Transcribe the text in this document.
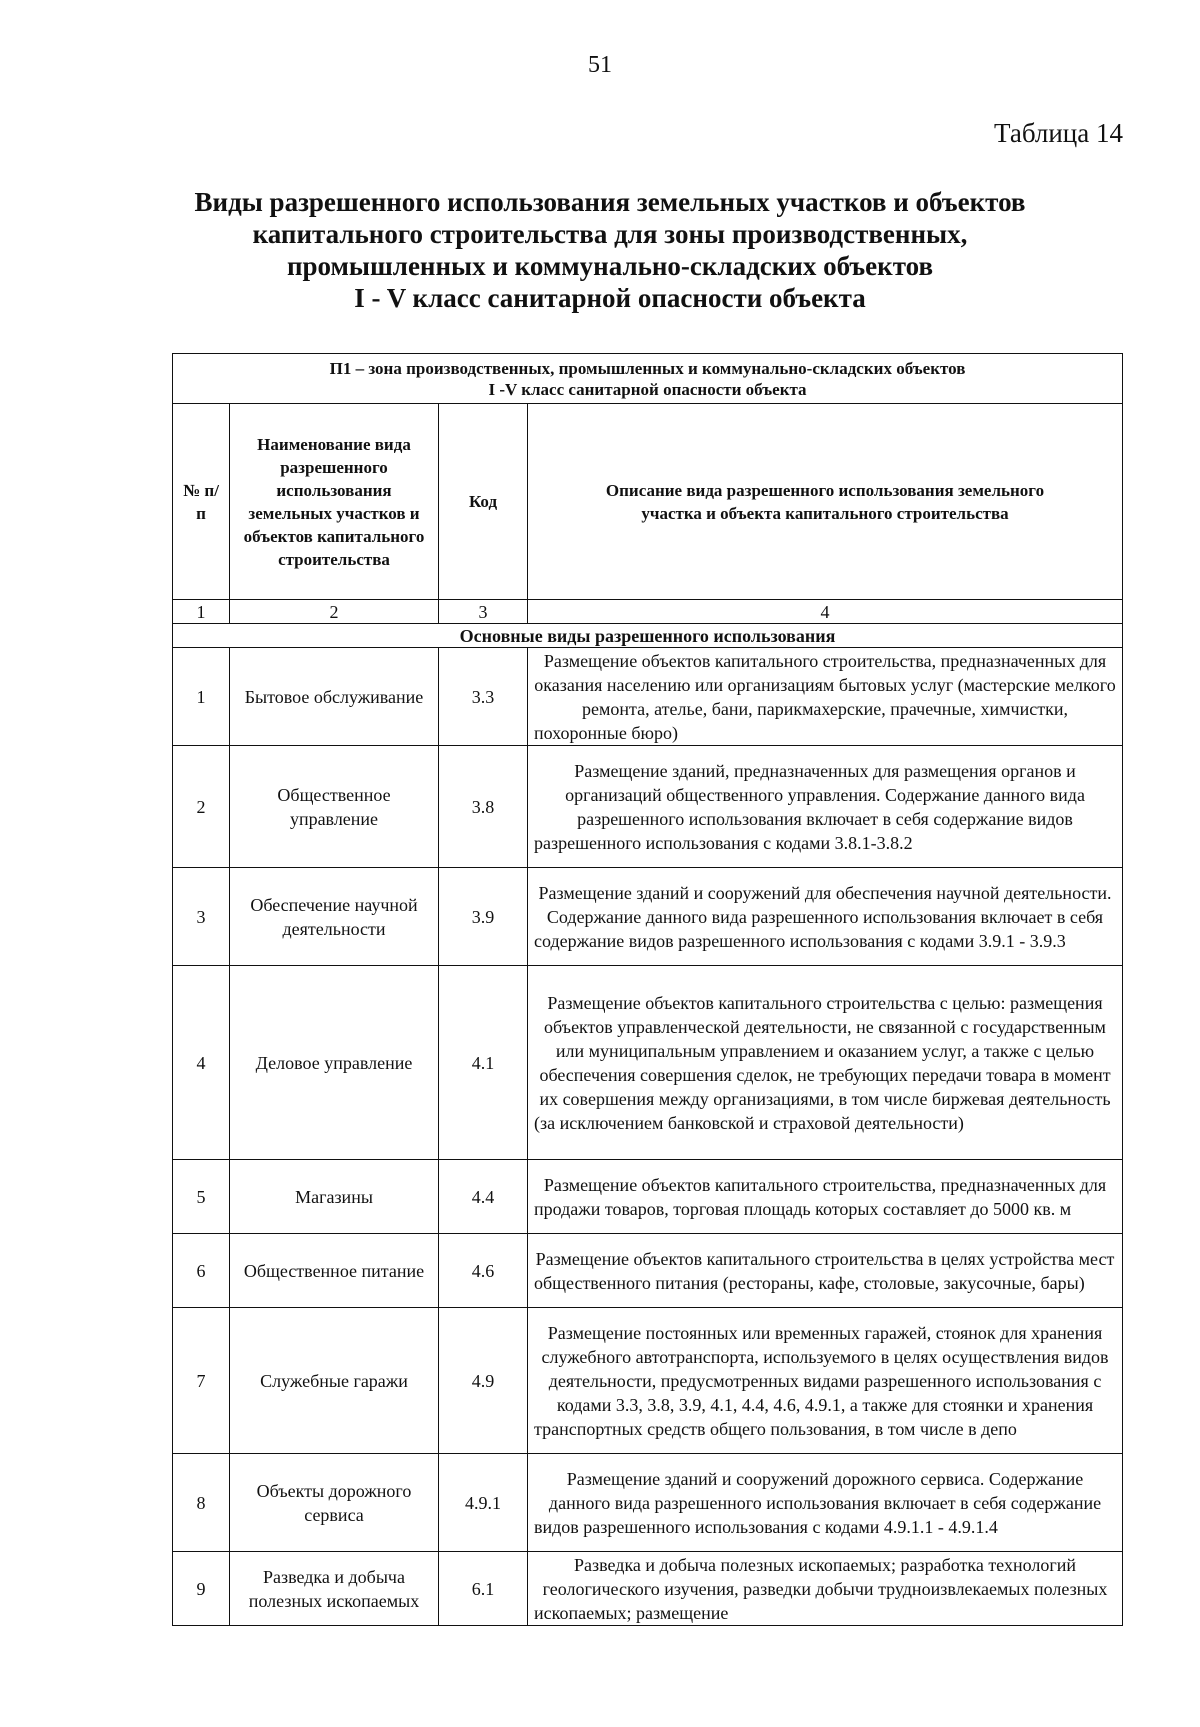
51
Таблица 14
Виды разрешенного использования земельных участков и объектов
капитального строительства для зоны производственных,
промышленных и коммунально-складских объектов
I - V класс санитарной опасности объекта
П1 – зона производственных, промышленных и коммунально-складских объектов
I -V класс санитарной опасности объекта			

№ п/п	Наименование вида разрешенного использования земельных участков и объектов капитального строительства	Код	Описание вида разрешенного использования земельного участка и объекта капитального строительства
1	2	3	4
Основные виды разрешенного использования			
1	Бытовое обслуживание	3.3	Размещение объектов капитального строительства, предназначенных для оказания населению или организациям бытовых услуг (мастерские мелкого ремонта, ателье, бани, парикмахерские, прачечные, химчистки, похоронные бюро)
2	Общественное управление	3.8	Размещение зданий, предназначенных для размещения органов и организаций общественного управления. Содержание данного вида разрешенного использования включает в себя содержание видов разрешенного использования с кодами 3.8.1-3.8.2
3	Обеспечение научной деятельности	3.9	Размещение зданий и сооружений для обеспечения научной деятельности. Содержание данного вида разрешенного использования включает в себя содержание видов разрешенного использования с кодами 3.9.1 - 3.9.3
4	Деловое управление	4.1	Размещение объектов капитального строительства с целью: размещения объектов управленческой деятельности, не связанной с государственным или муниципальным управлением и оказанием услуг, а также с целью обеспечения совершения сделок, не требующих передачи товара в момент их совершения между организациями, в том числе биржевая деятельность (за исключением банковской и страховой деятельности)
5	Магазины	4.4	Размещение объектов капитального строительства, предназначенных для продажи товаров, торговая площадь которых составляет до 5000 кв. м
6	Общественное питание	4.6	Размещение объектов капитального строительства в целях устройства мест общественного питания (рестораны, кафе, столовые, закусочные, бары)
7	Служебные гаражи	4.9	Размещение постоянных или временных гаражей, стоянок для хранения служебного автотранспорта, используемого в целях осуществления видов деятельности, предусмотренных видами разрешенного использования с кодами 3.3, 3.8, 3.9, 4.1, 4.4, 4.6, 4.9.1, а также для стоянки и хранения транспортных средств общего пользования, в том числе в депо
8	Объекты дорожного сервиса	4.9.1	Размещение зданий и сооружений дорожного сервиса. Содержание данного вида разрешенного использования включает в себя содержание видов разрешенного использования с кодами 4.9.1.1 - 4.9.1.4
9	Разведка и добыча полезных ископаемых	6.1	Разведка и добыча полезных ископаемых; разработка технологий геологического изучения, разведки добычи трудноизвлекаемых полезных ископаемых; размещение
